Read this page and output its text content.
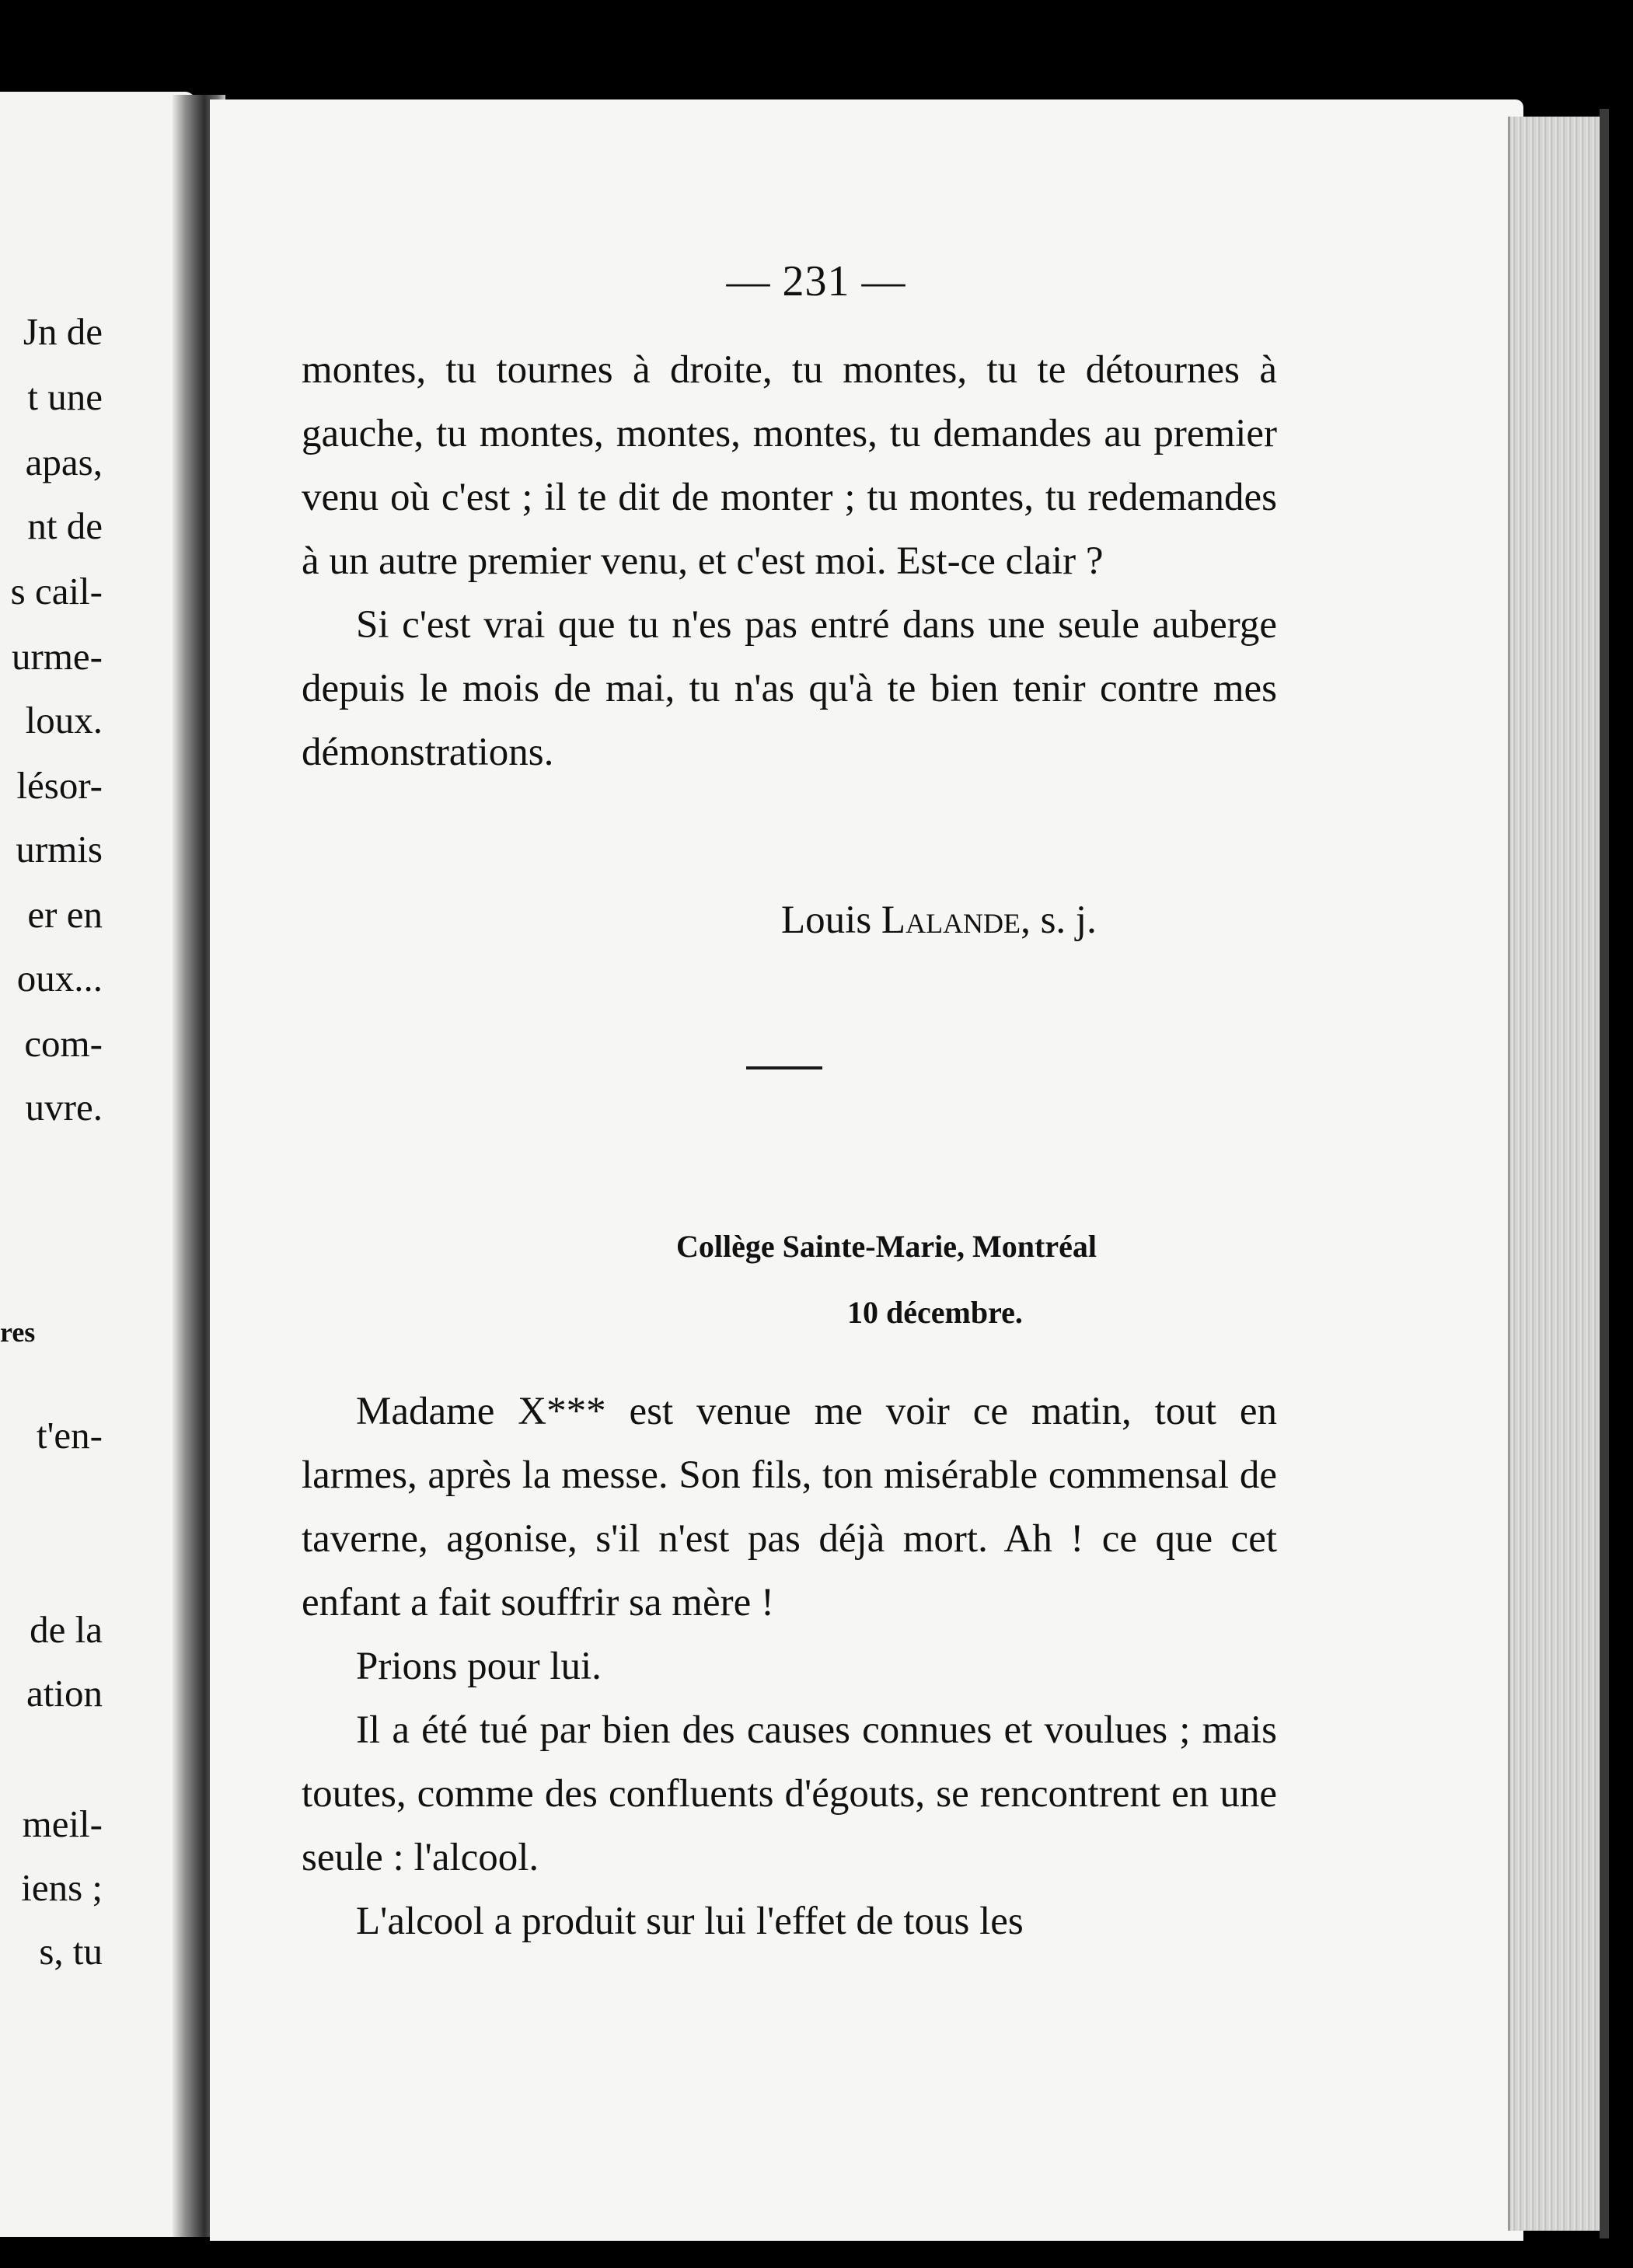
Jn de
t une
apas,
nt de
s cail-
urme-
loux.
lésor-
urmis
er en
oux...
com-
uvre.
res
t'en-
de la
ation
meil-
iens ;
s, tu
— 231 —

montes, tu tournes à droite, tu montes, tu te détournes à gauche, tu montes, montes, montes, tu demandes au premier venu où c'est ; il te dit de monter ; tu montes, tu redemandes à un autre premier venu, et c'est moi. Est-ce clair ?

Si c'est vrai que tu n'es pas entré dans une seule auberge depuis le mois de mai, tu n'as qu'à te bien tenir contre mes démonstrations.

Louis Lalande, s. j.
Collège Sainte-Marie, Montréal
10 décembre.

Madame X*** est venue me voir ce matin, tout en larmes, après la messe. Son fils, ton misérable commensal de taverne, agonise, s'il n'est pas déjà mort. Ah ! ce que cet enfant a fait souffrir sa mère !

Prions pour lui.

Il a été tué par bien des causes connues et voulues ; mais toutes, comme des confluents d'égouts, se rencontrent en une seule : l'alcool.

L'alcool a produit sur lui l'effet de tous les
